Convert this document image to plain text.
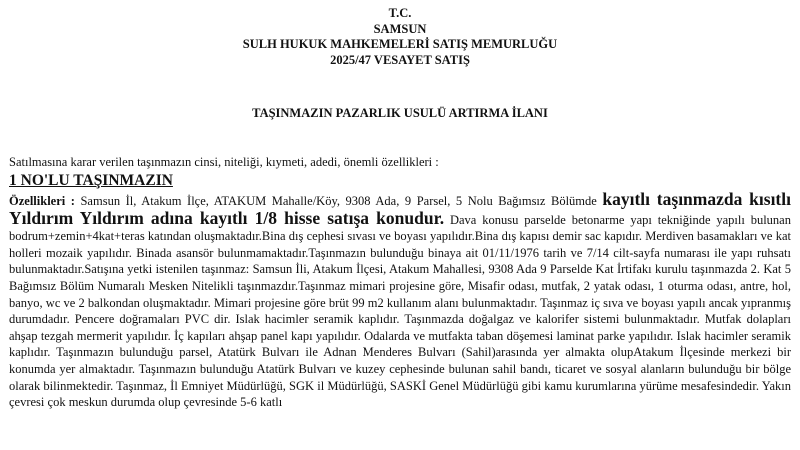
T.C.
SAMSUN
SULH HUKUK MAHKEMELERİ SATIŞ MEMURLUĞU
2025/47 VESAYET SATIŞ
TAŞINMAZIN PAZARLIK USULÜ ARTIRMA İLANI
Satılmasına karar verilen taşınmazın cinsi, niteliği, kıymeti, adedi, önemli özellikleri :
1 NO'LU TAŞINMAZIN
Özellikleri : Samsun İl, Atakum İlçe, ATAKUM Mahalle/Köy, 9308 Ada, 9 Parsel, 5 Nolu Bağımsız Bölümde kayıtlı taşınmazda kısıtlı Yıldırım Yıldırım adına kayıtlı 1/8 hisse satışa konudur. Dava konusu parselde betonarme yapı tekniğinde yapılı bulunan bodrum+zemin+4kat+teras katından oluşmaktadır.Bina dış cephesi sıvası ve boyası yapılıdır.Bina dış kapısı demir sac kapıdır. Merdiven basamakları ve kat holleri mozaik yapılıdır. Binada asansör bulunmamaktadır.Taşınmazın bulunduğu binaya ait 01/11/1976 tarih ve 7/14 cilt-sayfa numarası ile yapı ruhsatı bulunmaktadır.Satışına yetki istenilen taşınmaz: Samsun İli, Atakum İlçesi, Atakum Mahallesi, 9308 Ada 9 Parselde Kat İrtifakı kurulu taşınmazda 2. Kat 5 Bağımsız Bölüm Numaralı Mesken Nitelikli taşınmazdır.Taşınmaz mimari projesine göre, Misafir odası, mutfak, 2 yatak odası, 1 oturma odası, antre, hol, banyo, wc ve 2 balkondan oluşmaktadır. Mimari projesine göre brüt 99 m2 kullanım alanı bulunmaktadır. Taşınmaz iç sıva ve boyası yapılı ancak yıpranmış durumdadır. Pencere doğramaları PVC dir. Islak hacimler seramik kaplıdır. Taşınmazda doğalgaz ve kalorifer sistemi bulunmaktadır. Mutfak dolapları ahşap tezgah mermerit yapılıdır. İç kapıları ahşap panel kapı yapılıdır. Odalarda ve mutfakta taban döşemesi laminat parke yapılıdır. Islak hacimler seramik kaplıdır. Taşınmazın bulunduğu parsel, Atatürk Bulvarı ile Adnan Menderes Bulvarı (Sahil)arasında yer almakta olupAtakum İlçesinde merkezi bir konumda yer almaktadır. Taşınmazın bulunduğu Atatürk Bulvarı ve kuzey cephesinde bulunan sahil bandı, ticaret ve sosyal alanların bulunduğu bir bölge olarak bilinmektedir. Taşınmaz, İl Emniyet Müdürlüğü, SGK il Müdürlüğü, SASKİ Genel Müdürlüğü gibi kamu kurumlarına yürüme mesafesindedir. Yakın çevresi çok meskun durumda olup çevresinde 5-6 katlı
